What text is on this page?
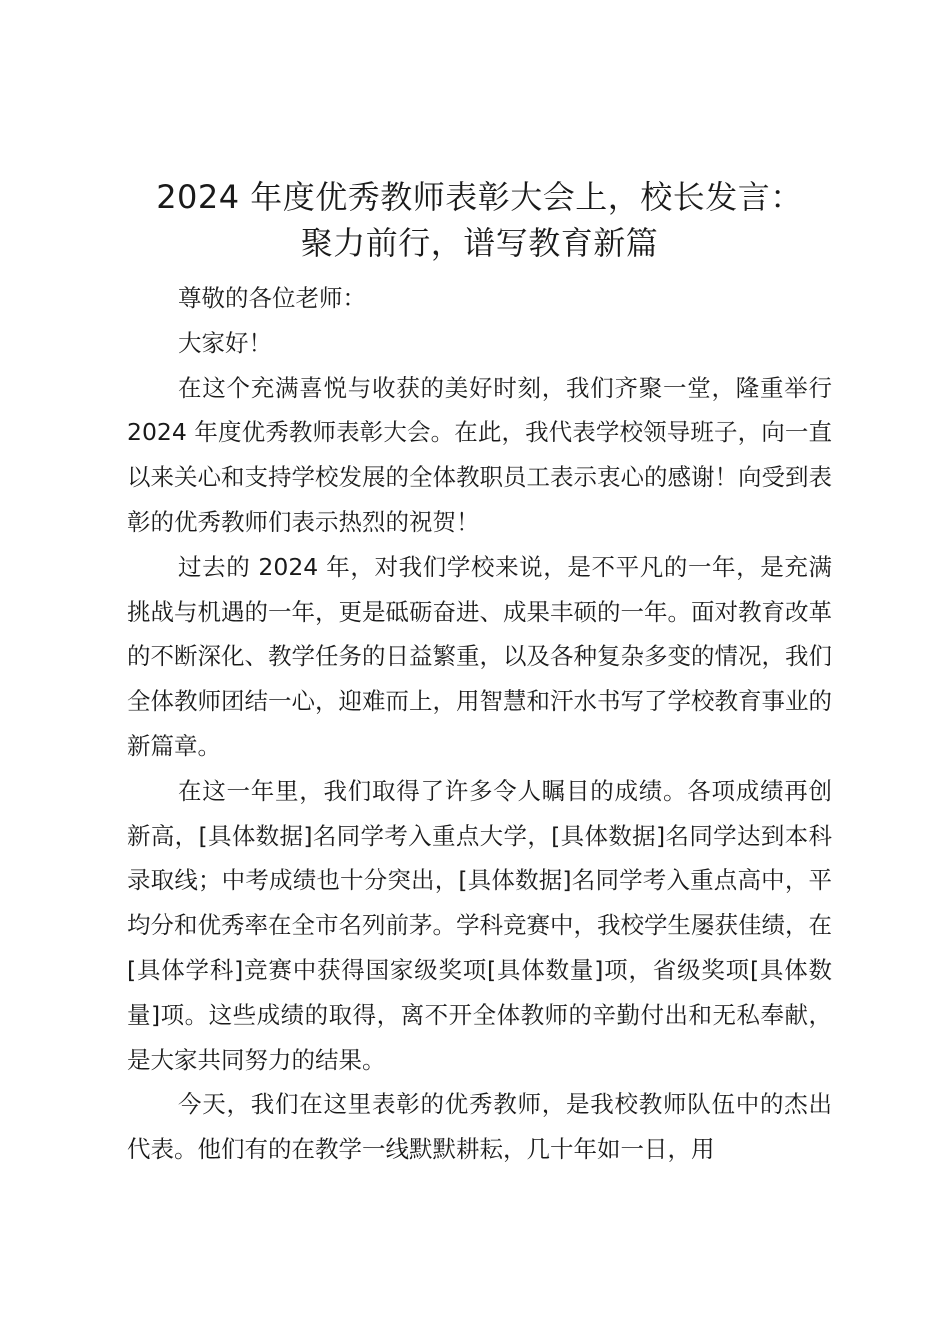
2024 年度优秀教师表彰大会上，校长发言：
聚力前行，谱写教育新篇

尊敬的各位老师：

大家好！

在这个充满喜悦与收获的美好时刻，我们齐聚一堂，隆重举行 2024 年度优秀教师表彰大会。在此，我代表学校领导班子，向一直以来关心和支持学校发展的全体教职员工表示衷心的感谢！向受到表彰的优秀教师们表示热烈的祝贺！

过去的 2024 年，对我们学校来说，是不平凡的一年，是充满挑战与机遇的一年，更是砥砺奋进、成果丰硕的一年。面对教育改革的不断深化、教学任务的日益繁重，以及各种复杂多变的情况，我们全体教师团结一心，迎难而上，用智慧和汗水书写了学校教育事业的新篇章。

在这一年里，我们取得了许多令人瞩目的成绩。各项成绩再创新高，[具体数据]名同学考入重点大学，[具体数据]名同学达到本科录取线；中考成绩也十分突出，[具体数据]名同学考入重点高中，平均分和优秀率在全市名列前茅。学科竞赛中，我校学生屡获佳绩，在[具体学科]竞赛中获得国家级奖项[具体数量]项，省级奖项[具体数量]项。这些成绩的取得，离不开全体教师的辛勤付出和无私奉献，是大家共同努力的结果。

今天，我们在这里表彰的优秀教师，是我校教师队伍中的杰出代表。他们有的在教学一线默默耕耘，几十年如一日，用
